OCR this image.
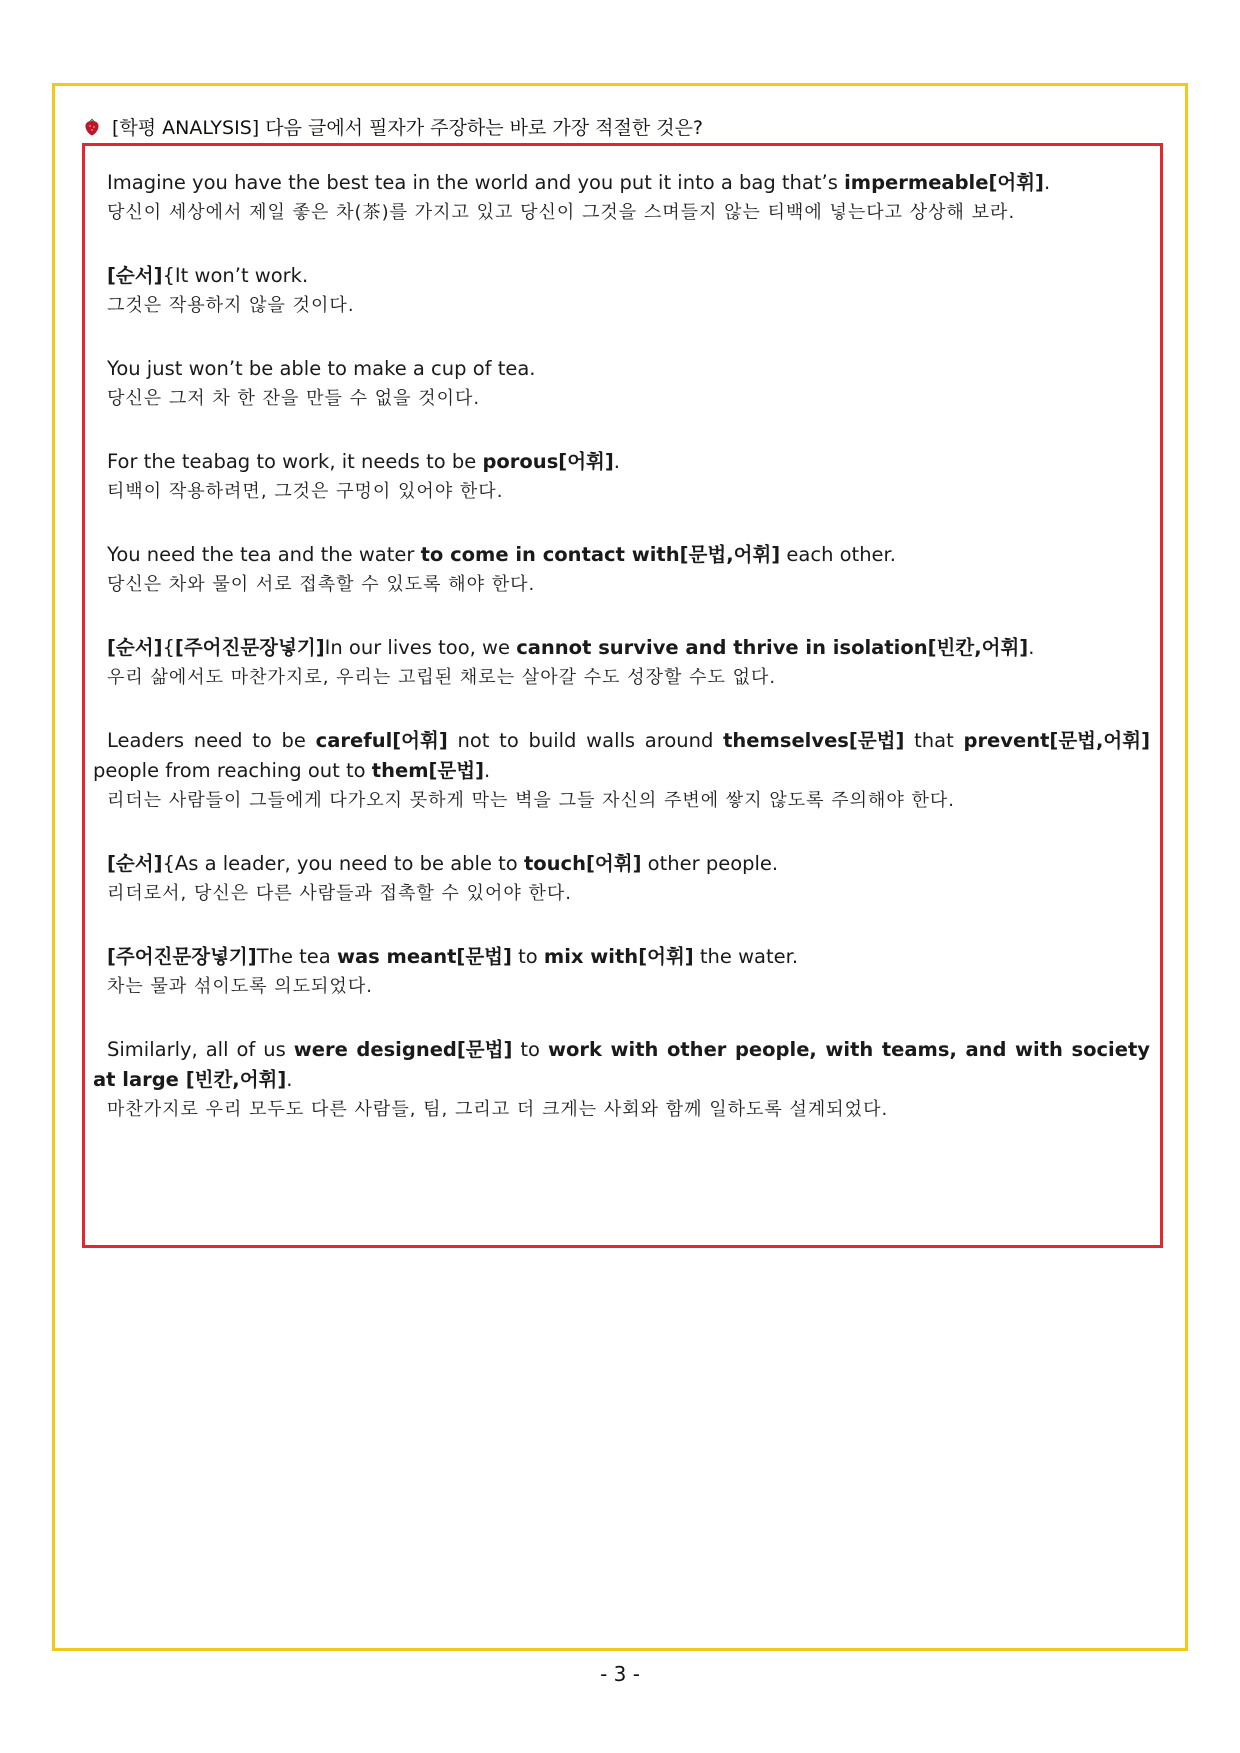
[학평 ANALYSIS] 다음 글에서 필자가 주장하는 바로 가장 적절한 것은?
Imagine you have the best tea in the world and you put it into a bag that’s impermeable[어휘].
당신이 세상에서 제일 좋은 차(茶)를 가지고 있고 당신이 그것을 스며들지 않는 티백에 넣는다고 상상해 보라.
[순서]{It won’t work.
그것은 작용하지 않을 것이다.
You just won’t be able to make a cup of tea.
당신은 그저 차 한 잔을 만들 수 없을 것이다.
For the teabag to work, it needs to be porous[어휘].
티백이 작용하려면, 그것은 구멍이 있어야 한다.
You need the tea and the water to come in contact with[문법,어휘] each other.
당신은 차와 물이 서로 접촉할 수 있도록 해야 한다.
[순서]{[주어진문장넣기]In our lives too, we cannot survive and thrive in isolation[빈칸,어휘].
우리 삶에서도 마찬가지로, 우리는 고립된 채로는 살아갈 수도 성장할 수도 없다.
Leaders need to be careful[어휘] not to build walls around themselves[문법] that prevent[문법,어휘] people from reaching out to them[문법].
리더는 사람들이 그들에게 다가오지 못하게 막는 벽을 그들 자신의 주변에 쌓지 않도록 주의해야 한다.
[순서]{As a leader, you need to be able to touch[어휘] other people.
리더로서, 당신은 다른 사람들과 접촉할 수 있어야 한다.
[주어진문장넣기]The tea was meant[문법] to mix with[어휘] the water.
차는 물과 섞이도록 의도되었다.
Similarly, all of us were designed[문법] to work with other people, with teams, and with society at large [빈칸,어휘].
마찬가지로 우리 모두도 다른 사람들, 팀, 그리고 더 크게는 사회와 함께 일하도록 설계되었다.
- 3 -
